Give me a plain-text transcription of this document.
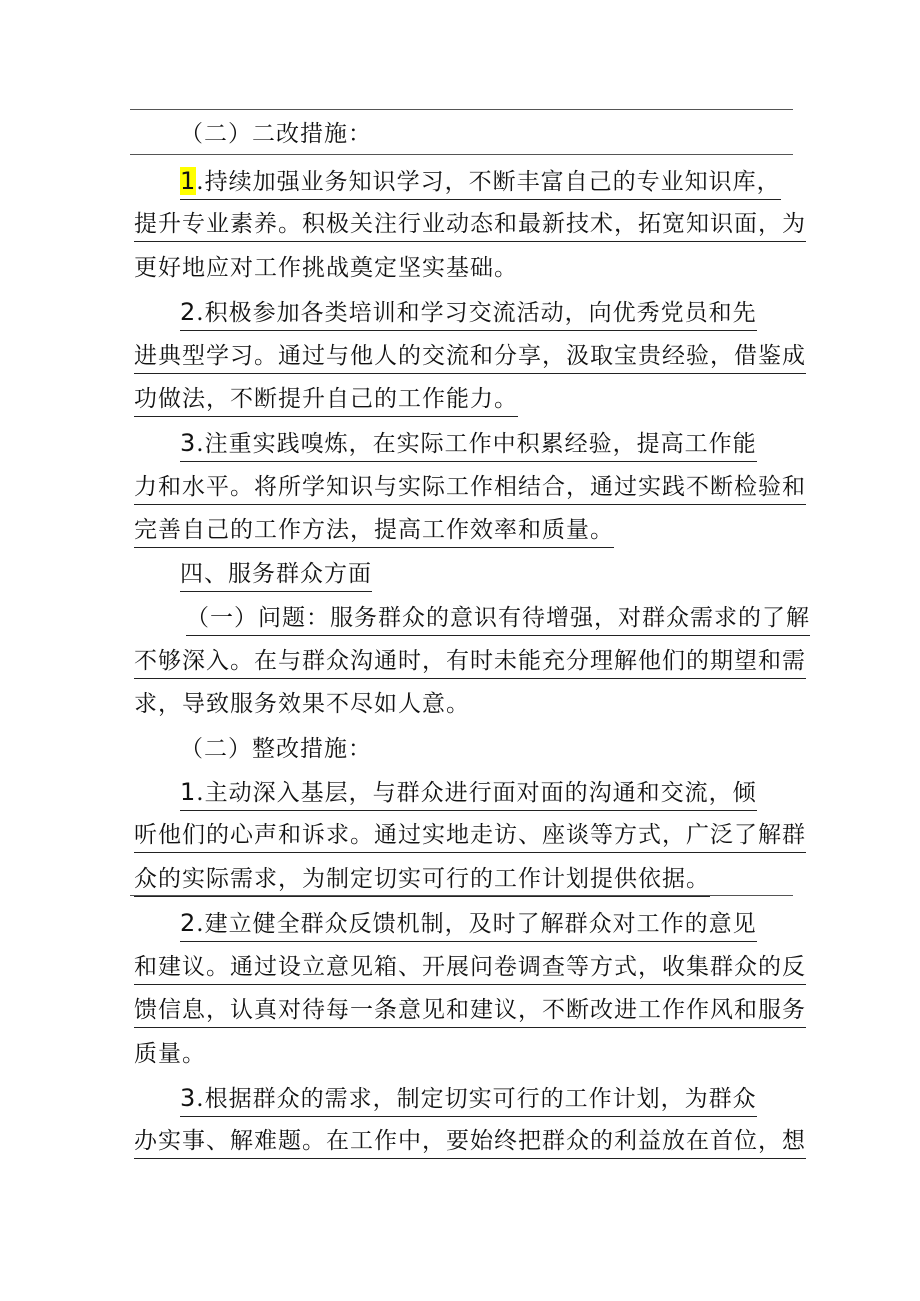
（二）二改措施：
1.持续加强业务知识学习，不断丰富自己的专业知识库，
提升专业素养。积极关注行业动态和最新技术，拓宽知识面，为
更好地应对工作挑战奠定坚实基础。
2.积极参加各类培训和学习交流活动，向优秀党员和先
进典型学习。通过与他人的交流和分享，汲取宝贵经验，借鉴成
功做法，不断提升自己的工作能力。
3.注重实践嗅炼，在实际工作中积累经验，提高工作能
力和水平。将所学知识与实际工作相结合，通过实践不断检验和
完善自己的工作方法，提高工作效率和质量。
四、服务群众方面
（一）问题：服务群众的意识有待增强，对群众需求的了解
不够深入。在与群众沟通时，有时未能充分理解他们的期望和需
求，导致服务效果不尽如人意。
（二）整改措施：
1.主动深入基层，与群众进行面对面的沟通和交流，倾
听他们的心声和诉求。通过实地走访、座谈等方式，广泛了解群
众的实际需求，为制定切实可行的工作计划提供依据。
2.建立健全群众反馈机制，及时了解群众对工作的意见
和建议。通过设立意见箱、开展问卷调查等方式，收集群众的反
馈信息，认真对待每一条意见和建议，不断改进工作作风和服务
质量。
3.根据群众的需求，制定切实可行的工作计划，为群众
办实事、解难题。在工作中，要始终把群众的利益放在首位，想
